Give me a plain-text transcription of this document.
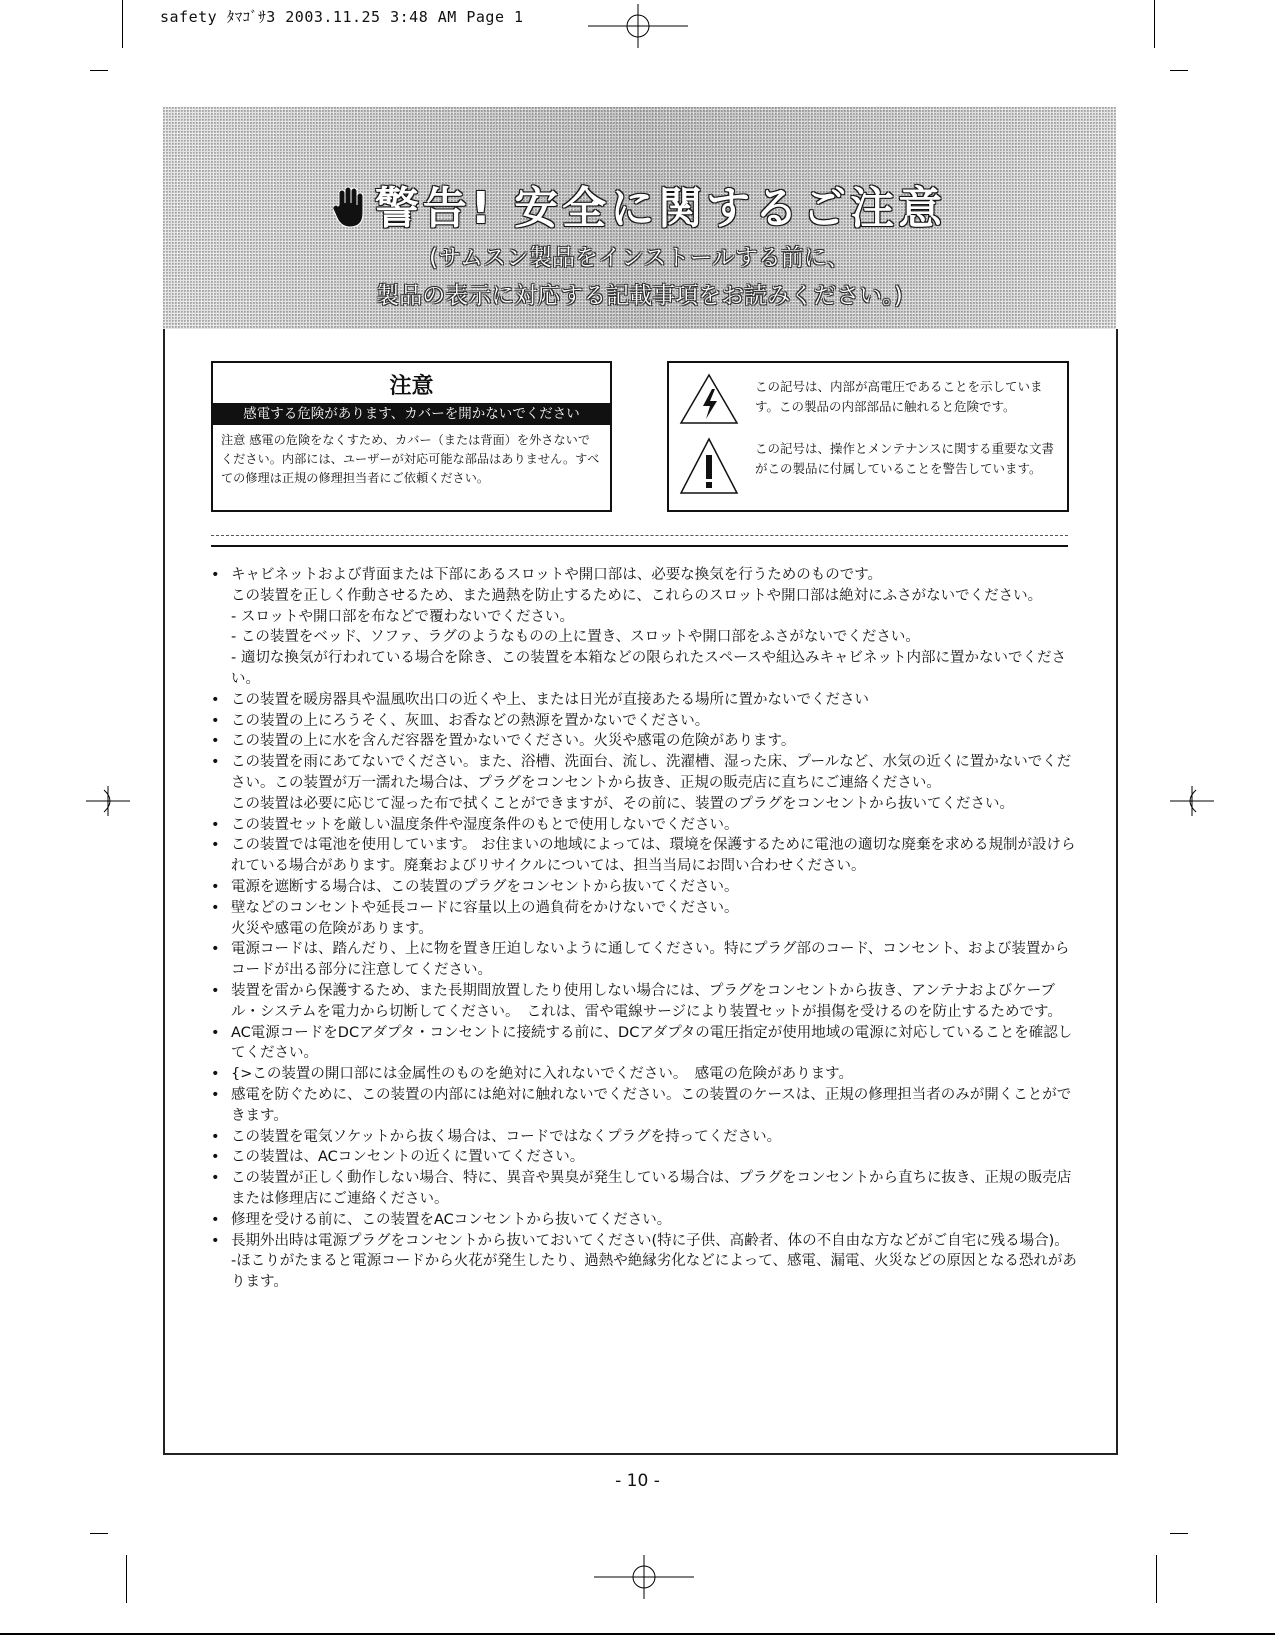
safety ﾀﾏｺﾞｻ3 2003.11.25 3:48 AM Page 1
警告! 安全に関するご注意
(サムスン製品をインストールする前に、
製品の表示に対応する記載事項をお読みください。)
注意
感電する危険があります、カバーを開かないでください
注意 感電の危険をなくすため、カバー（または背面）を外さないでください。内部には、ユーザーが対応可能な部品はありません。すべての修理は正規の修理担当者にご依頼ください。
この記号は、内部が高電圧であることを示しています。この製品の内部部品に触れると危険です。
この記号は、操作とメンテナンスに関する重要な文書がこの製品に付属していることを警告しています。
• キャビネットおよび背面または下部にあるスロットや開口部は、必要な換気を行うためのものです。
この装置を正しく作動させるため、また過熱を防止するために、これらのスロットや開口部は絶対にふさがないでください。
- スロットや開口部を布などで覆わないでください。
- この装置をベッド、ソファ、ラグのようなものの上に置き、スロットや開口部をふさがないでください。
- 適切な換気が行われている場合を除き、この装置を本箱などの限られたスペースや組込みキャビネット内部に置かないでください。
• この装置を暖房器具や温風吹出口の近くや上、または日光が直接あたる場所に置かないでください
• この装置の上にろうそく、灰皿、お香などの熱源を置かないでください。
• この装置の上に水を含んだ容器を置かないでください。火災や感電の危険があります。
• この装置を雨にあてないでください。また、浴槽、洗面台、流し、洗濯槽、湿った床、プールなど、水気の近くに置かないでください。この装置が万一濡れた場合は、プラグをコンセントから抜き、正規の販売店に直ちにご連絡ください。
この装置は必要に応じて湿った布で拭くことができますが、その前に、装置のプラグをコンセントから抜いてください。
• この装置セットを厳しい温度条件や湿度条件のもとで使用しないでください。
• この装置では電池を使用しています。 お住まいの地域によっては、環境を保護するために電池の適切な廃棄を求める規制が設けられている場合があります。廃棄およびリサイクルについては、担当当局にお問い合わせください。
• 電源を遮断する場合は、この装置のプラグをコンセントから抜いてください。
• 壁などのコンセントや延長コードに容量以上の過負荷をかけないでください。
火災や感電の危険があります。
• 電源コードは、踏んだり、上に物を置き圧迫しないように通してください。特にプラグ部のコード、コンセント、および装置からコードが出る部分に注意してください。
• 装置を雷から保護するため、また長期間放置したり使用しない場合には、プラグをコンセントから抜き、アンテナおよびケーブル・システムを電力から切断してください。　これは、雷や電線サージにより装置セットが損傷を受けるのを防止するためです。
• AC電源コードをDCアダプタ・コンセントに接続する前に、DCアダプタの電圧指定が使用地域の電源に対応していることを確認してください。
• {>この装置の開口部には金属性のものを絶対に入れないでください。　感電の危険があります。
• 感電を防ぐために、この装置の内部には絶対に触れないでください。この装置のケースは、正規の修理担当者のみが開くことができます。
• この装置を電気ソケットから抜く場合は、コードではなくプラグを持ってください。
• この装置は、ACコンセントの近くに置いてください。
• この装置が正しく動作しない場合、特に、異音や異臭が発生している場合は、プラグをコンセントから直ちに抜き、正規の販売店または修理店にご連絡ください。
• 修理を受ける前に、この装置をACコンセントから抜いてください。
• 長期外出時は電源プラグをコンセントから抜いておいてください(特に子供、高齢者、体の不自由な方などがご自宅に残る場合)。
-ほこりがたまると電源コードから火花が発生したり、過熱や絶縁劣化などによって、感電、漏電、火災などの原因となる恐れがあります。
- 10 -
